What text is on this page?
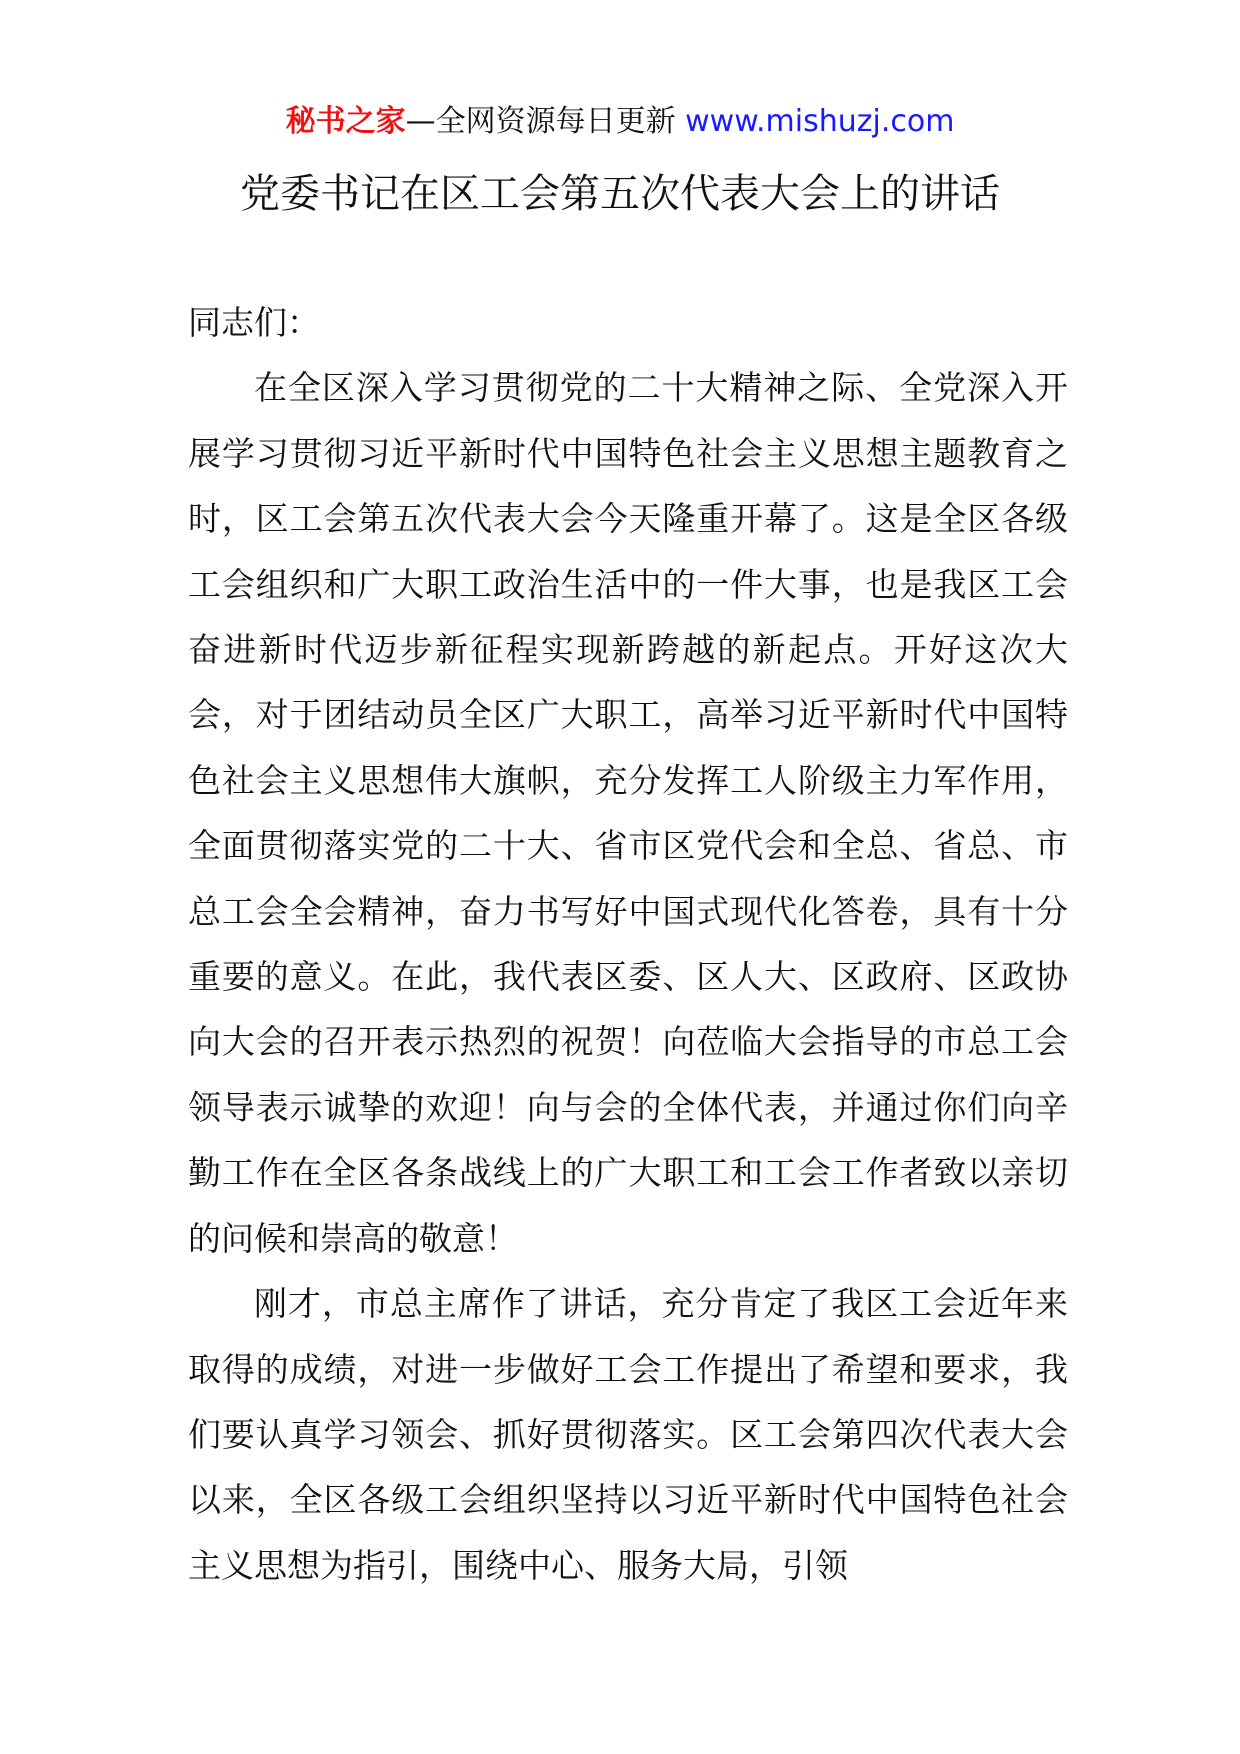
秘书之家—全网资源每日更新 www.mishuzj.com
党委书记在区工会第五次代表大会上的讲话

同志们：

在全区深入学习贯彻党的二十大精神之际、全党深入开展学习贯彻习近平新时代中国特色社会主义思想主题教育之时，区工会第五次代表大会今天隆重开幕了。这是全区各级工会组织和广大职工政治生活中的一件大事，也是我区工会奋进新时代迈步新征程实现新跨越的新起点。开好这次大会，对于团结动员全区广大职工，高举习近平新时代中国特色社会主义思想伟大旗帜，充分发挥工人阶级主力军作用，全面贯彻落实党的二十大、省市区党代会和全总、省总、市总工会全会精神，奋力书写好中国式现代化答卷，具有十分重要的意义。在此，我代表区委、区人大、区政府、区政协向大会的召开表示热烈的祝贺！向莅临大会指导的市总工会领导表示诚挚的欢迎！向与会的全体代表，并通过你们向辛勤工作在全区各条战线上的广大职工和工会工作者致以亲切的问候和崇高的敬意！

刚才，市总主席作了讲话，充分肯定了我区工会近年来取得的成绩，对进一步做好工会工作提出了希望和要求，我们要认真学习领会、抓好贯彻落实。区工会第四次代表大会以来，全区各级工会组织坚持以习近平新时代中国特色社会主义思想为指引，围绕中心、服务大局，引领
